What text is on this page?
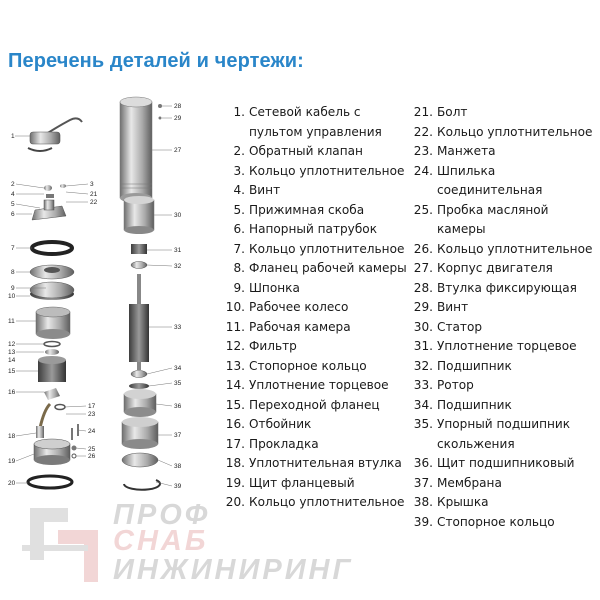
Перечень деталей и чертежи:
1
2	3
4
5
6
7
8
9
10
11
12
13
14
15
16
17
18
19
20
21
22
23
24
25
26
27
28
29
30
31
32
33
34
35
36
37
38
39
1. Сетевой кабель с пультом управления
2. Обратный клапан
3. Кольцо уплотнительное
4. Винт
5. Прижимная скоба
6. Напорный патрубок
7. Кольцо уплотнительное
8. Фланец рабочей камеры
9. Шпонка
10. Рабочее колесо
11. Рабочая камера
12. Фильтр
13. Стопорное кольцо
14. Уплотнение торцевое
15. Переходной фланец
16. Отбойник
17. Прокладка
18. Уплотнительная втулка
19. Щит фланцевый
20. Кольцо уплотнительное
21. Болт
22. Кольцо уплотнительное
23. Манжета
24. Шпилька соединительная
25. Пробка масляной камеры
26. Кольцо уплотнительное
27. Корпус двигателя
28. Втулка фиксирующая
29. Винт
30. Статор
31. Уплотнение торцевое
32. Подшипник
33. Ротор
34. Подшипник
35. Упорный подшипник скольжения
36. Щит подшипниковый
37. Мембрана
38. Крышка
39. Стопорное кольцо
ПРОФ
СНАБ
ИНЖИНИРИНГ
